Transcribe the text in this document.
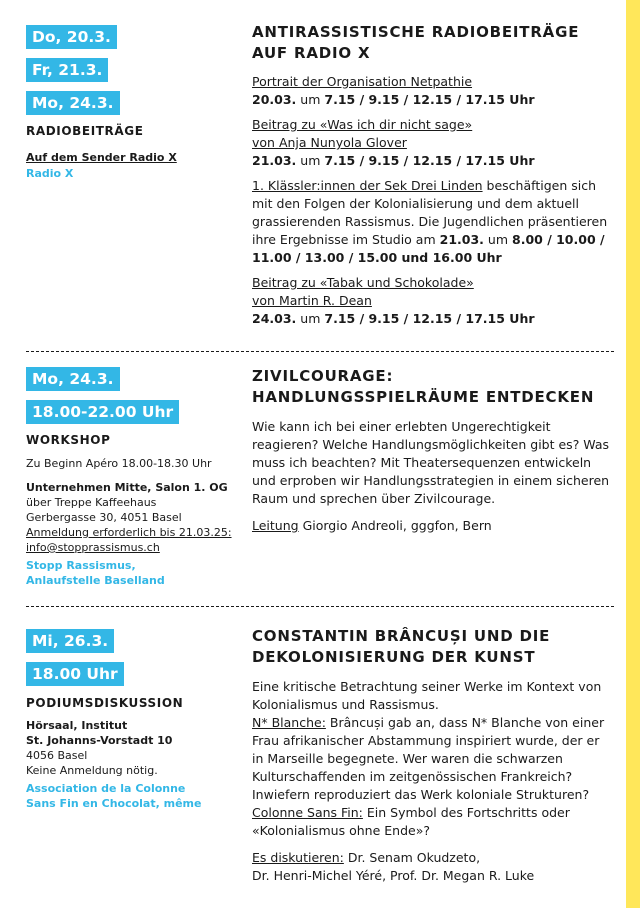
Do, 20.3.
Fr, 21.3.
Mo, 24.3.
RADIOBEITRÄGE
Auf dem Sender Radio X
Radio X
ANTIRASSISTISCHE RADIOBEITRÄGE
AUF RADIO X

Portrait der Organisation Netpathie
20.03. um 7.15 / 9.15 / 12.15 / 17.15 Uhr

Beitrag zu «Was ich dir nicht sage»
von Anja Nunyola Glover
21.03. um 7.15 / 9.15 / 12.15 / 17.15 Uhr

1. Klässler:innen der Sek Drei Linden beschäftigen sich mit den Folgen der Kolonialisierung und dem aktuell grassierenden Rassismus. Die Jugendlichen präsentieren ihre Ergebnisse im Studio am 21.03. um 8.00 / 10.00 / 11.00 / 13.00 / 15.00 und 16.00 Uhr

Beitrag zu «Tabak und Schokolade»
von Martin R. Dean
24.03. um 7.15 / 9.15 / 12.15 / 17.15 Uhr

Mo, 24.3.
18.00-22.00 Uhr
WORKSHOP
Zu Beginn Apéro 18.00-18.30 Uhr
Unternehmen Mitte, Salon 1. OG
über Treppe Kaffeehaus
Gerbergasse 30, 4051 Basel
Anmeldung erforderlich bis 21.03.25:
info@stopprassismus.ch
Stopp Rassismus,
Anlaufstelle Baselland
ZIVILCOURAGE:
HANDLUNGSSPIELRÄUME ENTDECKEN

Wie kann ich bei einer erlebten Ungerechtigkeit reagieren? Welche Handlungsmöglichkeiten gibt es? Was muss ich beachten? Mit Theatersequenzen entwickeln und erproben wir Handlungsstrategien in einem sicheren Raum und sprechen über Zivilcourage.

Leitung Giorgio Andreoli, gggfon, Bern

Mi, 26.3.
18.00 Uhr
PODIUMSDISKUSSION
Hörsaal, Institut
St. Johanns-Vorstadt 10
4056 Basel
Keine Anmeldung nötig.
Association de la Colonne
Sans Fin en Chocolat, même
CONSTANTIN BRÂNCUȘI UND DIE
DEKOLONISIERUNG DER KUNST

Eine kritische Betrachtung seiner Werke im Kontext von Kolonialismus und Rassismus.

N* Blanche: Brâncuși gab an, dass N* Blanche von einer Frau afrikanischer Abstammung inspiriert wurde, der er in Marseille begegnete. Wer waren die schwarzen Kulturschaffenden im zeitgenössischen Frankreich? Inwiefern reproduziert das Werk koloniale Strukturen?

Colonne Sans Fin: Ein Symbol des Fortschritts oder «Kolonialismus ohne Ende»?

Es diskutieren: Dr. Senam Okudzeto,
Dr. Henri-Michel Yéré, Prof. Dr. Megan R. Luke
